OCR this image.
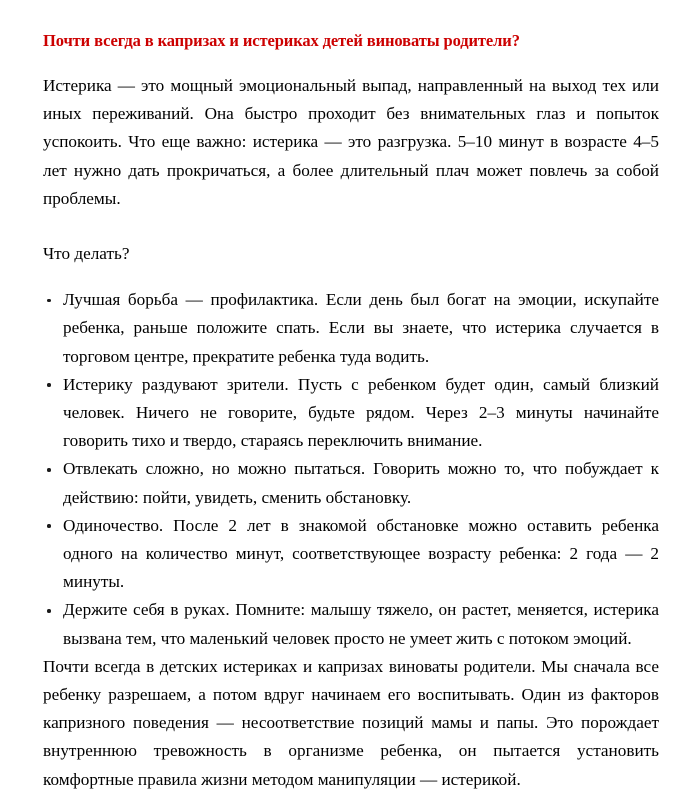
Почти всегда в капризах и истериках детей виноваты родители?

Истерика — это мощный эмоциональный выпад, направленный на выход тех или иных переживаний. Она быстро проходит без внимательных глаз и попыток успокоить. Что еще важно: истерика — это разгрузка. 5–10 минут в возрасте 4–5 лет нужно дать прокричаться, а более длительный плач может повлечь за собой проблемы.

Что делать?

Лучшая борьба — профилактика. Если день был богат на эмоции, искупайте ребенка, раньше положите спать. Если вы знаете, что истерика случается в торговом центре, прекратите ребенка туда водить.
Истерику раздувают зрители. Пусть с ребенком будет один, самый близкий человек. Ничего не говорите, будьте рядом. Через 2–3 минуты начинайте говорить тихо и твердо, стараясь переключить внимание.
Отвлекать сложно, но можно пытаться. Говорить можно то, что побуждает к действию: пойти, увидеть, сменить обстановку.
Одиночество. После 2 лет в знакомой обстановке можно оставить ребенка одного на количество минут, соответствующее возрасту ребенка: 2 года — 2 минуты.
Держите себя в руках. Помните: малышу тяжело, он растет, меняется, истерика вызвана тем, что маленький человек просто не умеет жить с потоком эмоций.

Почти всегда в детских истериках и капризах виноваты родители. Мы сначала все ребенку разрешаем, а потом вдруг начинаем его воспитывать. Один из факторов капризного поведения — несоответствие позиций мамы и папы. Это порождает внутреннюю тревожность в организме ребенка, он пытается установить комфортные правила жизни методом манипуляции — истерикой.
